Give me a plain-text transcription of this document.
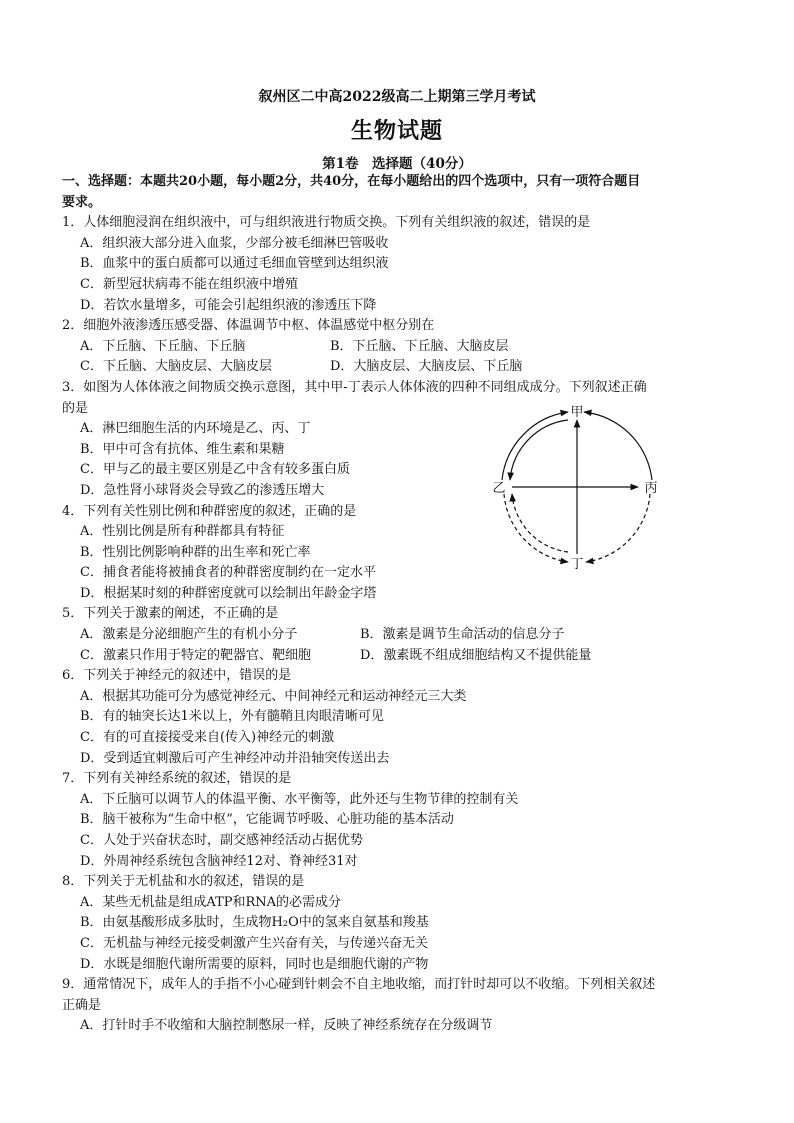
叙州区二中高2022级高二上期第三学月考试
生物试题
第1卷　选择题（40分）
一、选择题：本题共20小题，每小题2分，共40分，在每小题给出的四个选项中，只有一项符合题目
要求。
1．人体细胞浸润在组织液中，可与组织液进行物质交换。下列有关组织液的叙述，错误的是
A．组织液大部分进入血浆，少部分被毛细淋巴管吸收
B．血浆中的蛋白质都可以通过毛细血管壁到达组织液
C．新型冠状病毒不能在组织液中增殖
D．若饮水量增多，可能会引起组织液的渗透压下降
2．细胞外液渗透压感受器、体温调节中枢、体温感觉中枢分别在
A．下丘脑、下丘脑、下丘脑	B．下丘脑、下丘脑、大脑皮层
C．下丘脑、大脑皮层、大脑皮层	D．大脑皮层、大脑皮层、下丘脑
3．如图为人体体液之间物质交换示意图，其中甲-丁表示人体体液的四种不同组成成分。下列叙述正确
的是
A．淋巴细胞生活的内环境是乙、丙、丁
B．甲中可含有抗体、维生素和果糖
C．甲与乙的最主要区别是乙中含有较多蛋白质
D．急性肾小球肾炎会导致乙的渗透压增大
4．下列有关性别比例和种群密度的叙述，正确的是
A．性别比例是所有种群都具有特征
B．性别比例影响种群的出生率和死亡率
C．捕食者能将被捕食者的种群密度制约在一定水平
D．根据某时刻的种群密度就可以绘制出年龄金字塔
5．下列关于激素的阐述，不正确的是
A．激素是分泌细胞产生的有机小分子	B．激素是调节生命活动的信息分子
C．激素只作用于特定的靶器官、靶细胞	D．激素既不组成细胞结构又不提供能量
6．下列关于神经元的叙述中，错误的是
A．根据其功能可分为感觉神经元、中间神经元和运动神经元三大类
B．有的轴突长达1米以上，外有髓鞘且肉眼清晰可见
C．有的可直接接受来自(传入)神经元的刺激
D．受到适宜刺激后可产生神经冲动并沿轴突传送出去
7．下列有关神经系统的叙述，错误的是
A．下丘脑可以调节人的体温平衡、水平衡等，此外还与生物节律的控制有关
B．脑干被称为“生命中枢”，它能调节呼吸、心脏功能的基本活动
C．人处于兴奋状态时，副交感神经活动占据优势
D．外周神经系统包含脑神经12对、脊神经31对
8．下列关于无机盐和水的叙述，错误的是
A．某些无机盐是组成ATP和RNA的必需成分
B．由氨基酸形成多肽时，生成物H₂O中的氢来自氨基和羧基
C．无机盐与神经元接受刺激产生兴奋有关，与传递兴奋无关
D．水既是细胞代谢所需要的原料，同时也是细胞代谢的产物
9．通常情况下，成年人的手指不小心碰到针刺会不自主地收缩，而打针时却可以不收缩。下列相关叙述
正确是
A．打针时手不收缩和大脑控制憋尿一样，反映了神经系统存在分级调节
甲
乙	丙
丁
